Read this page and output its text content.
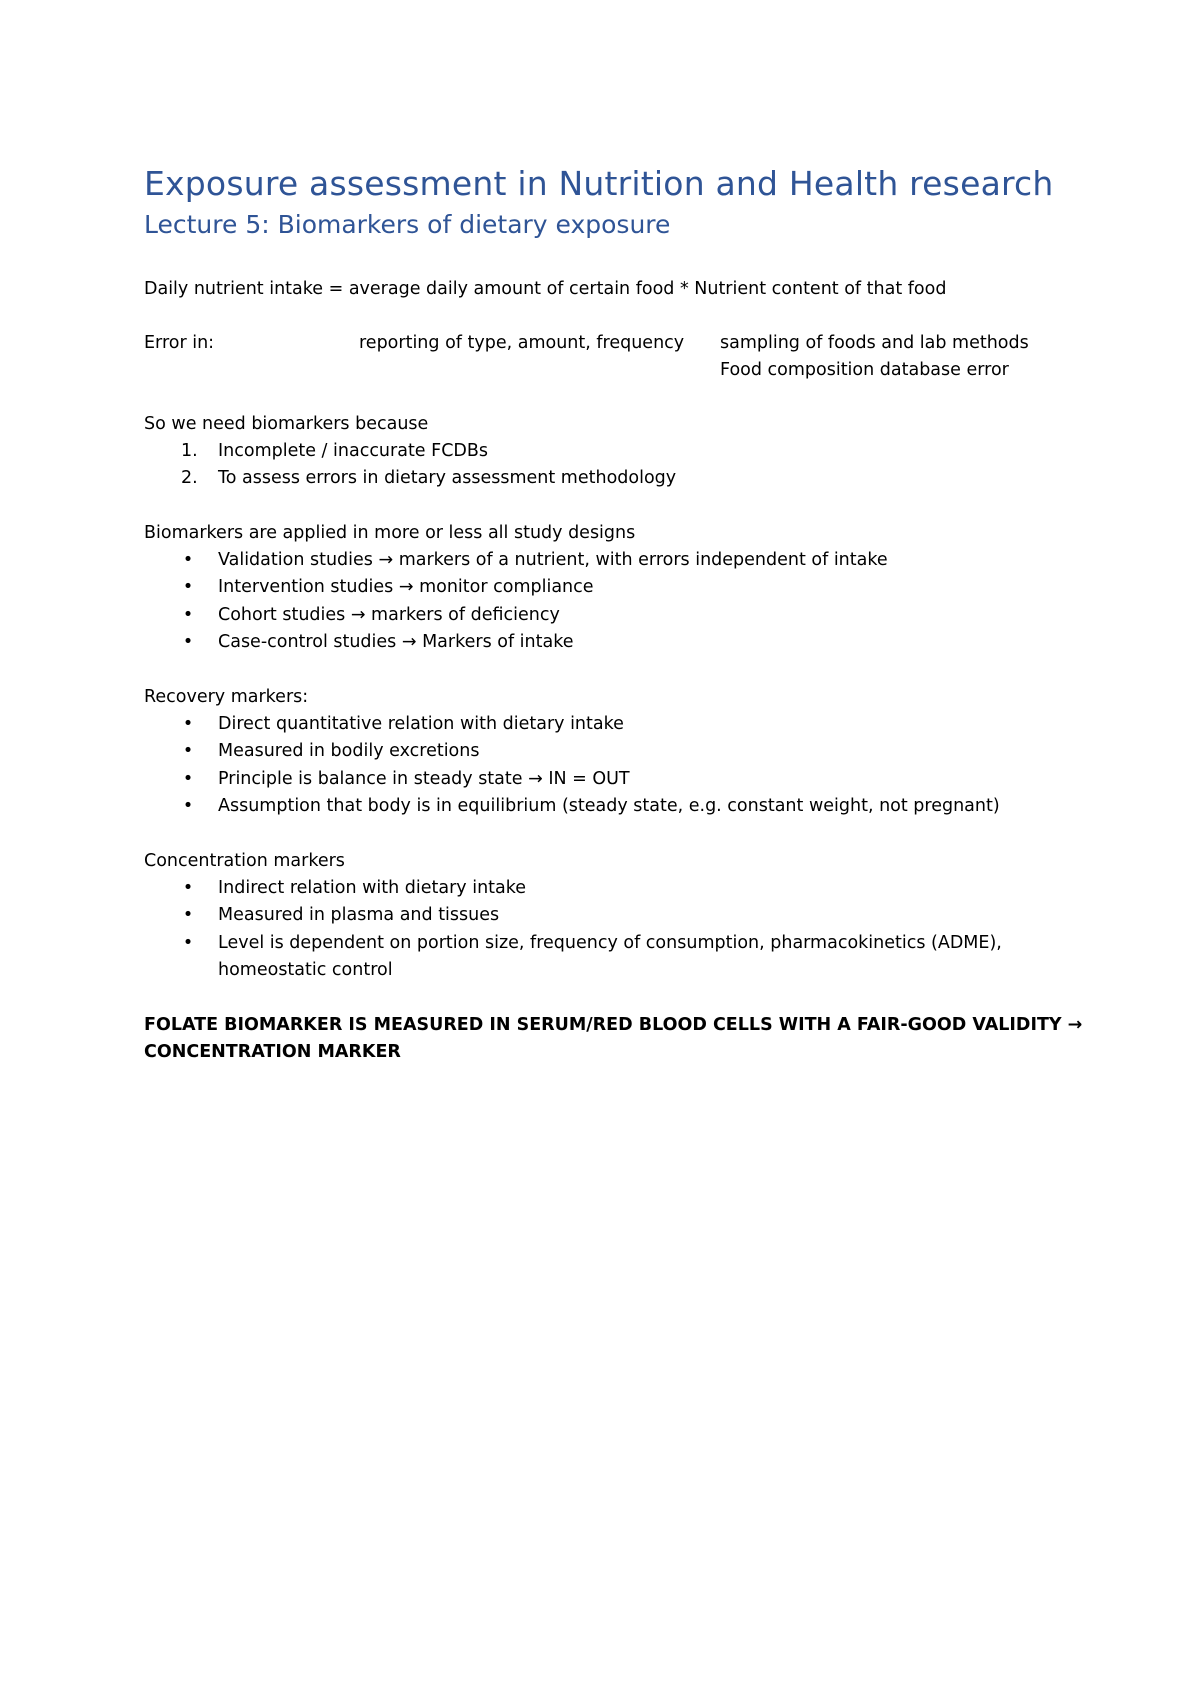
Exposure assessment in Nutrition and Health research
Lecture 5: Biomarkers of dietary exposure
Daily nutrient intake = average daily amount of certain food * Nutrient content of that food
Error in:	reporting of type, amount, frequency sampling of foods and lab methods
Food composition database error
So we need biomarkers because
1. Incomplete / inaccurate FCDBs
2. To assess errors in dietary assessment methodology
Biomarkers are applied in more or less all study designs
• Validation studies → markers of a nutrient, with errors independent of intake
• Intervention studies → monitor compliance
• Cohort studies → markers of deficiency
• Case-control studies → Markers of intake
Recovery markers:
• Direct quantitative relation with dietary intake
• Measured in bodily excretions
• Principle is balance in steady state → IN = OUT
• Assumption that body is in equilibrium (steady state, e.g. constant weight, not pregnant)
Concentration markers
• Indirect relation with dietary intake
• Measured in plasma and tissues
• Level is dependent on portion size, frequency of consumption, pharmacokinetics (ADME),
homeostatic control
FOLATE BIOMARKER IS MEASURED IN SERUM/RED BLOOD CELLS WITH A FAIR-GOOD VALIDITY →
CONCENTRATION MARKER
